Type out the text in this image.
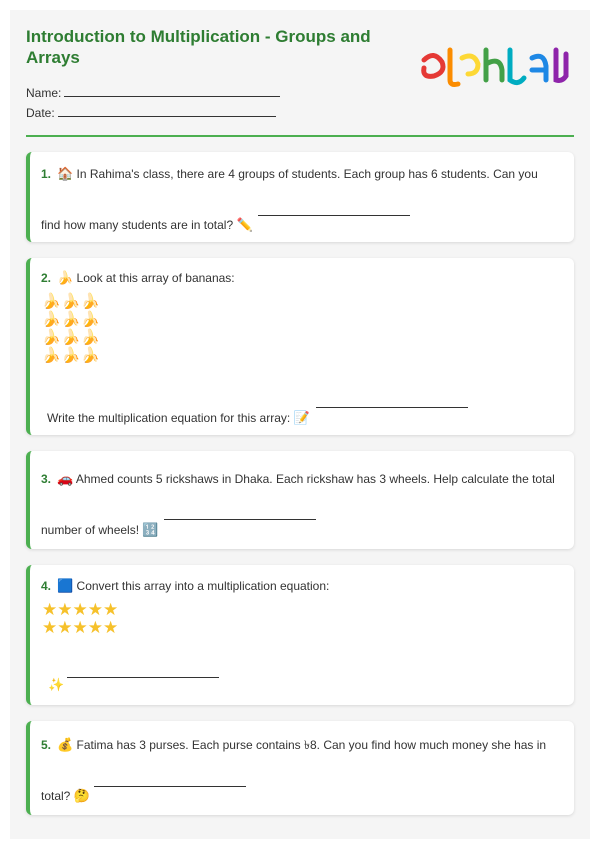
Introduction to Multiplication - Groups and Arrays
Name:
Date:
1. 🏠 In Rahima's class, there are 4 groups of students. Each group has 6 students. Can you
find how many students are in total? ✏️
2. 🍌 Look at this array of bananas:
🍌🍌🍌
🍌🍌🍌
🍌🍌🍌
🍌🍌🍌
Write the multiplication equation for this array: 📝
3. 🚗 Ahmed counts 5 rickshaws in Dhaka. Each rickshaw has 3 wheels. Help calculate the total
number of wheels! 🔢
4. 🟦 Convert this array into a multiplication equation:
★★★★★
★★★★★
✨
5. 💰 Fatima has 3 purses. Each purse contains ৳8. Can you find how much money she has in
total? 🤔
